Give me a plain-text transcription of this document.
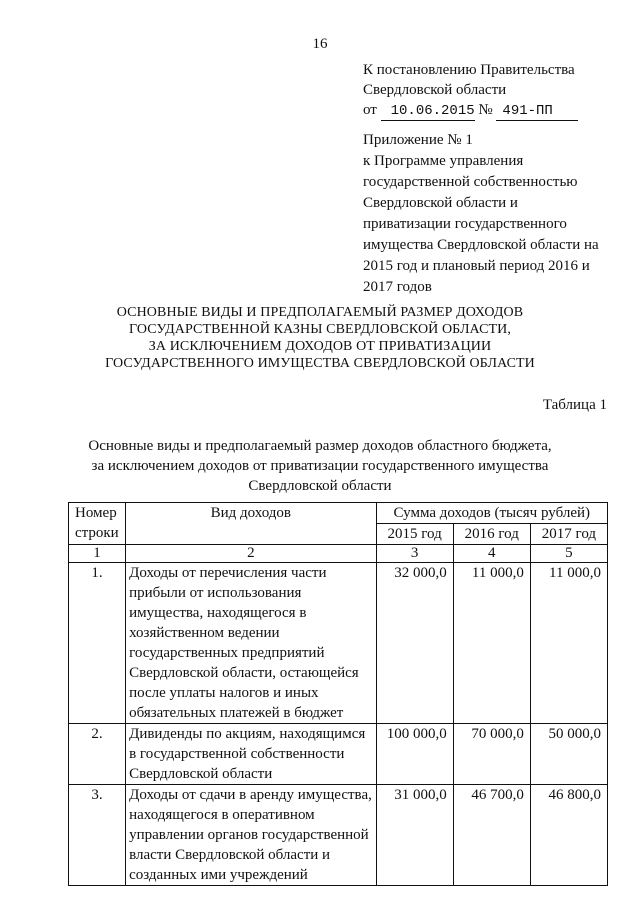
16
К постановлению Правительства
Свердловской области
от 10.06.2015 № 491-ПП
Приложение № 1
к Программе управления
государственной собственностью
Свердловской области и
приватизации государственного
имущества Свердловской области на
2015 год и плановый период 2016 и
2017 годов
ОСНОВНЫЕ ВИДЫ И ПРЕДПОЛАГАЕМЫЙ РАЗМЕР ДОХОДОВ
ГОСУДАРСТВЕННОЙ КАЗНЫ СВЕРДЛОВСКОЙ ОБЛАСТИ,
ЗА ИСКЛЮЧЕНИЕМ ДОХОДОВ ОТ ПРИВАТИЗАЦИИ
ГОСУДАРСТВЕННОГО ИМУЩЕСТВА СВЕРДЛОВСКОЙ ОБЛАСТИ
Таблица 1
Основные виды и предполагаемый размер доходов областного бюджета,
за исключением доходов от приватизации государственного имущества
Свердловской области
Номер строки	Вид доходов	Сумма доходов (тысяч рублей)		
		2015 год	2016 год	2017 год
1	2	3	4	5
1.	Доходы от перечисления части прибыли от использования имущества, находящегося в хозяйственном ведении государственных предприятий Свердловской области, остающейся после уплаты налогов и иных обязательных платежей в бюджет	32 000,0	11 000,0	11 000,0
2.	Дивиденды по акциям, находящимся в государственной собственности Свердловской области	100 000,0	70 000,0	50 000,0
3.	Доходы от сдачи в аренду имущества, находящегося в оперативном управлении органов государственной власти Свердловской области и созданных ими учреждений	31 000,0	46 700,0	46 800,0
